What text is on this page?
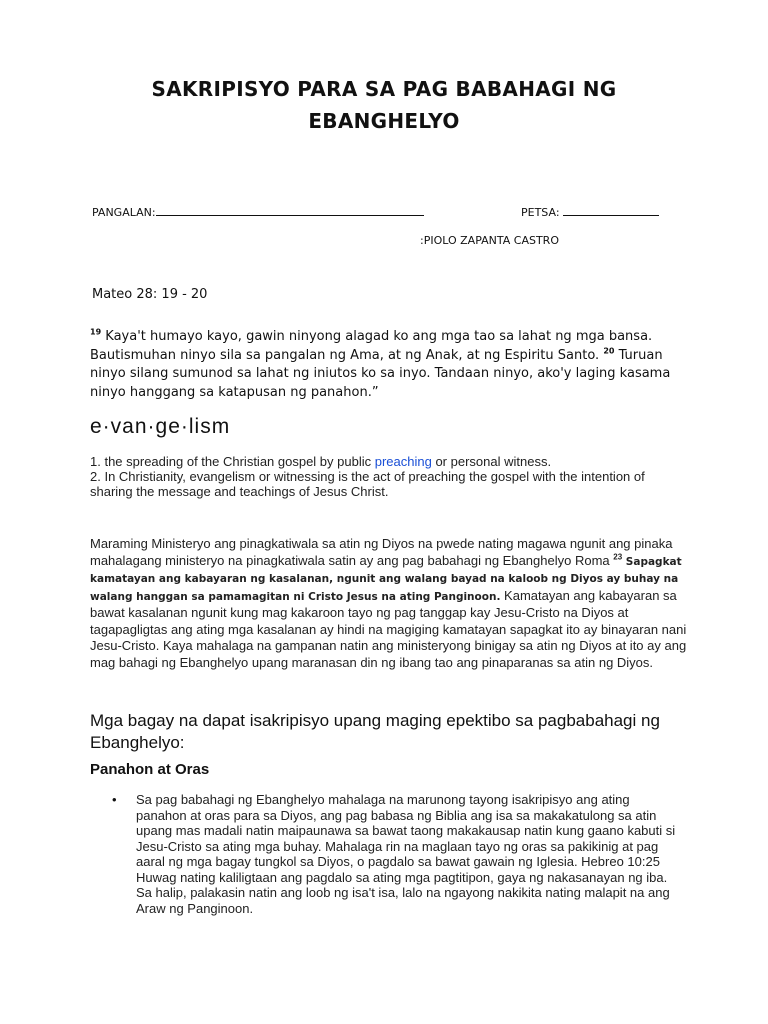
SAKRIPISYO PARA SA PAG BABAHAGI NG
EBANGHELYO
PANGALAN:	PETSA:
:PIOLO ZAPANTA CASTRO
Mateo 28: 19 - 20
$^{19}$ Kaya't humayo kayo, gawin ninyong alagad ko ang mga tao sa lahat ng mga bansa. Bautismuhan ninyo sila sa pangalan ng Ama, at ng Anak, at ng Espiritu Santo. $^{20}$ Turuan ninyo silang sumunod sa lahat ng iniutos ko sa inyo. Tandaan ninyo, ako'y laging kasama ninyo hanggang sa katapusan ng panahon.”
e·van·ge·lism
1. the spreading of the Christian gospel by public preaching or personal witness.
2. In Christianity, evangelism or witnessing is the act of preaching the gospel with the intention of sharing the message and teachings of Jesus Christ.
Maraming Ministeryo ang pinagkatiwala sa atin ng Diyos na pwede nating magawa ngunit ang pinaka mahalagang ministeryo na pinagkatiwala satin ay ang pag babahagi ng Ebanghelyo Roma $^{23}$ Sapagkat kamatayan ang kabayaran ng kasalanan, ngunit ang walang bayad na kaloob ng Diyos ay buhay na walang hanggan sa pamamagitan ni Cristo Jesus na ating Panginoon. Kamatayan ang kabayaran sa bawat kasalanan ngunit kung mag kakaroon tayo ng pag tanggap kay Jesu-Cristo na Diyos at tagapagligtas ang ating mga kasalanan ay hindi na magiging kamatayan sapagkat ito ay binayaran nani Jesu-Cristo. Kaya mahalaga na gampanan natin ang ministeryong binigay sa atin ng Diyos at ito ay ang mag bahagi ng Ebanghelyo upang maranasan din ng ibang tao ang pinaparanas sa atin ng Diyos.
Mga bagay na dapat isakripisyo upang maging epektibo sa pagbabahagi ng Ebanghelyo:
Panahon at Oras
• Sa pag babahagi ng Ebanghelyo mahalaga na marunong tayong isakripisyo ang ating panahon at oras para sa Diyos, ang pag babasa ng Biblia ang isa sa makakatulong sa atin upang mas madali natin maipaunawa sa bawat taong makakausap natin kung gaano kabuti si Jesu-Cristo sa ating mga buhay. Mahalaga rin na maglaan tayo ng oras sa pakikinig at pag aaral ng mga bagay tungkol sa Diyos, o pagdalo sa bawat gawain ng Iglesia. Hebreo 10:25 Huwag nating kaliligtaan ang pagdalo sa ating mga pagtitipon, gaya ng nakasanayan ng iba. Sa halip, palakasin natin ang loob ng isa't isa, lalo na ngayong nakikita nating malapit na ang Araw ng Panginoon.
